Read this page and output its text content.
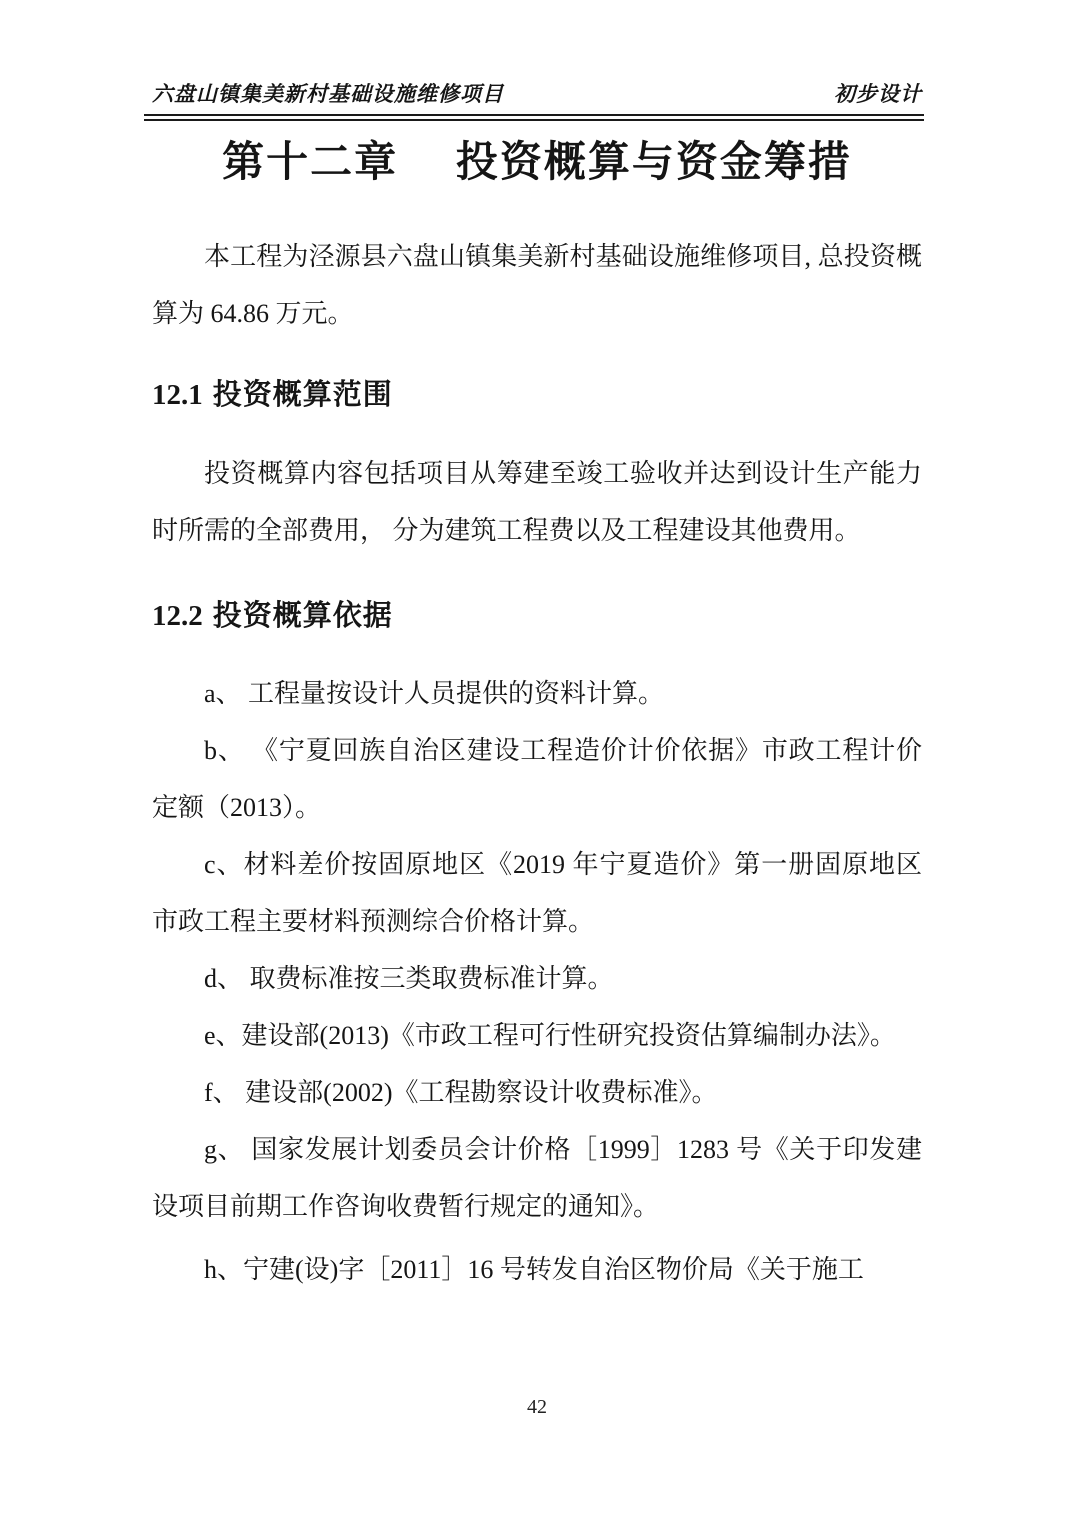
六盘山镇集美新村基础设施维修项目	初步设计
第十二章　 投资概算与资金筹措

本工程为泾源县六盘山镇集美新村基础设施维修项目, 总投资概算为 64.86 万元。

12.1 投资概算范围

投资概算内容包括项目从筹建至竣工验收并达到设计生产能力时所需的全部费用， 分为建筑工程费以及工程建设其他费用。

12.2 投资概算依据

a、 工程量按设计人员提供的资料计算。

b、 《宁夏回族自治区建设工程造价计价依据》市政工程计价定额（2013）。

c、材料差价按固原地区《2019 年宁夏造价》第一册固原地区市政工程主要材料预测综合价格计算。

d、 取费标准按三类取费标准计算。

e、建设部(2013)《市政工程可行性研究投资估算编制办法》。

f、 建设部(2002)《工程勘察设计收费标准》。

g、 国家发展计划委员会计价格［1999］1283 号《关于印发建设项目前期工作咨询收费暂行规定的通知》。

h、宁建(设)字［2011］16 号转发自治区物价局《关于施工

42
